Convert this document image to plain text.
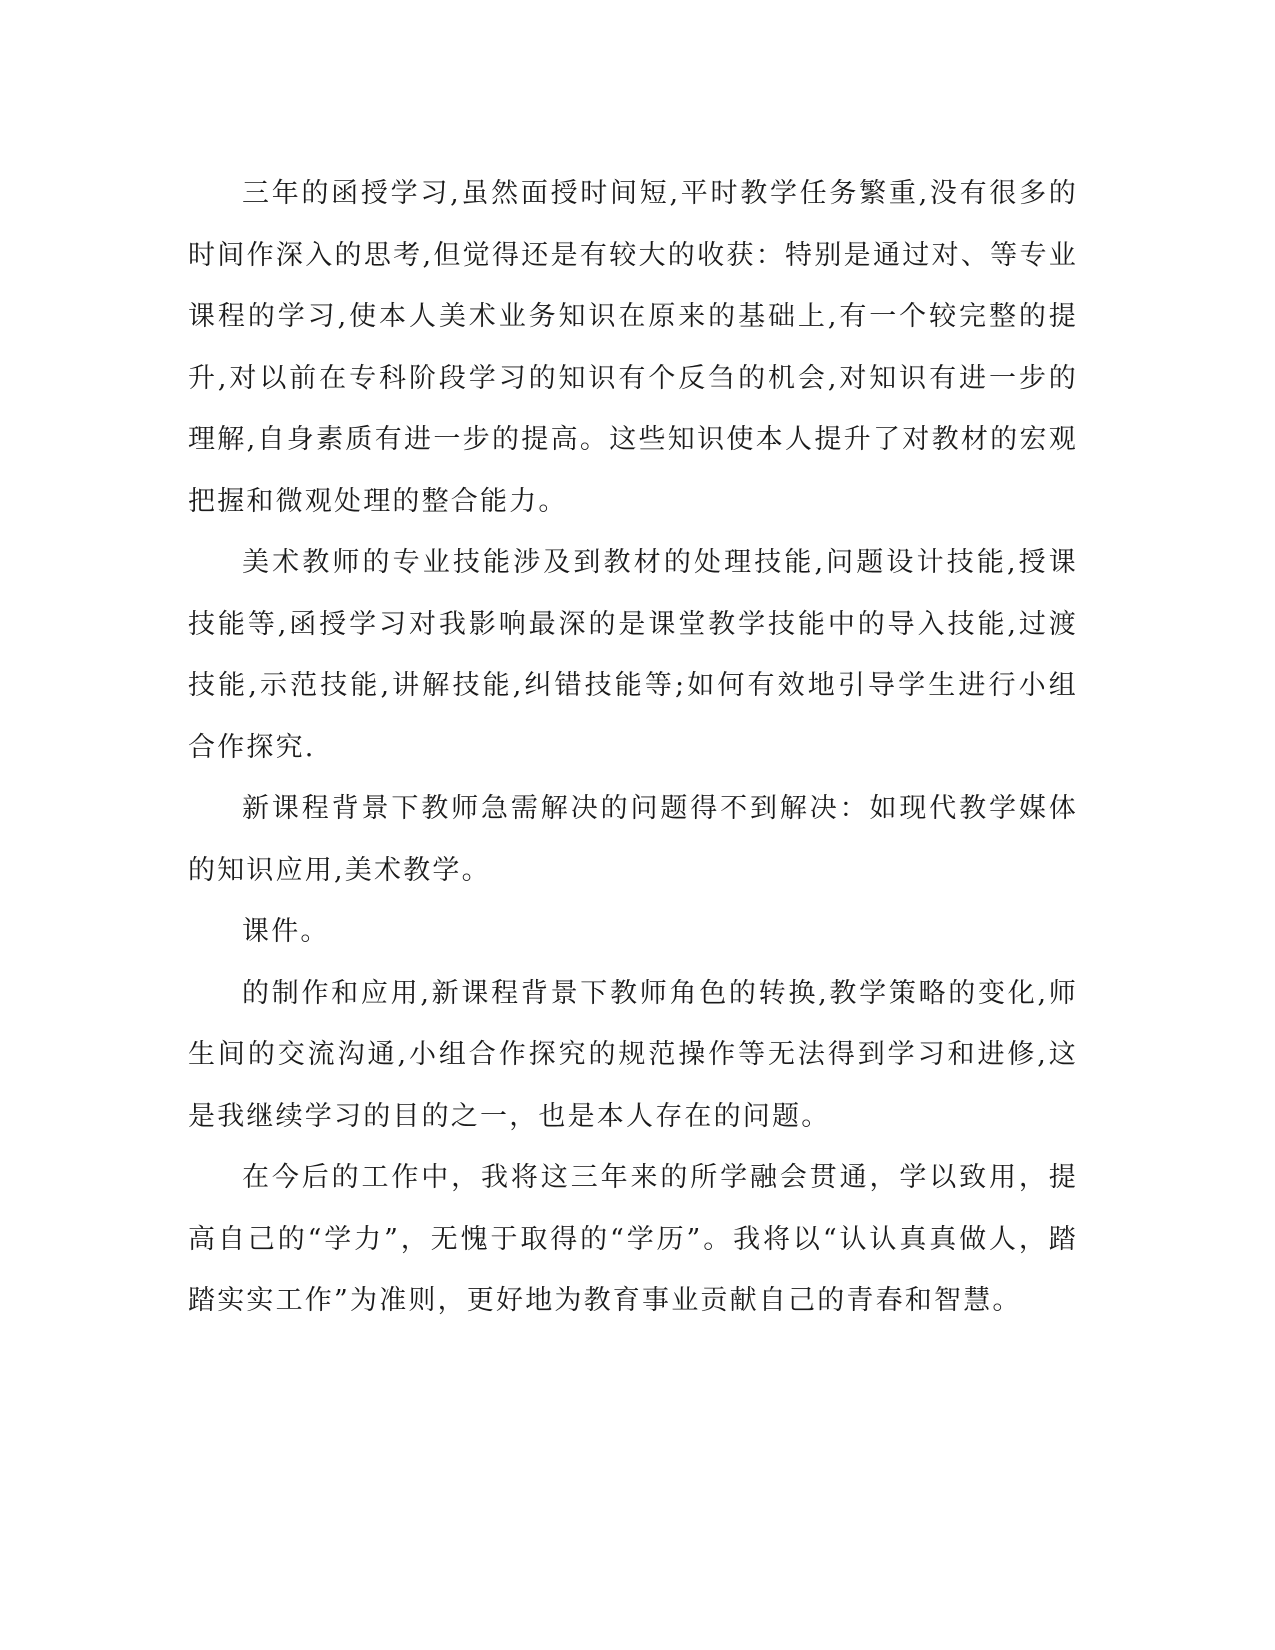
三年的函授学习,虽然面授时间短,平时教学任务繁重,没有很多的时间作深入的思考,但觉得还是有较大的收获：特别是通过对、等专业课程的学习,使本人美术业务知识在原来的基础上,有一个较完整的提升,对以前在专科阶段学习的知识有个反刍的机会,对知识有进一步的理解,自身素质有进一步的提高。这些知识使本人提升了对教材的宏观把握和微观处理的整合能力。

美术教师的专业技能涉及到教材的处理技能,问题设计技能,授课技能等,函授学习对我影响最深的是课堂教学技能中的导入技能,过渡技能,示范技能,讲解技能,纠错技能等;如何有效地引导学生进行小组合作探究.

新课程背景下教师急需解决的问题得不到解决：如现代教学媒体的知识应用,美术教学。

课件。

的制作和应用,新课程背景下教师角色的转换,教学策略的变化,师生间的交流沟通,小组合作探究的规范操作等无法得到学习和进修,这是我继续学习的目的之一，也是本人存在的问题。

在今后的工作中，我将这三年来的所学融会贯通，学以致用，提高自己的“学力”，无愧于取得的“学历”。我将以“认认真真做人，踏踏实实工作”为准则，更好地为教育事业贡献自己的青春和智慧。
